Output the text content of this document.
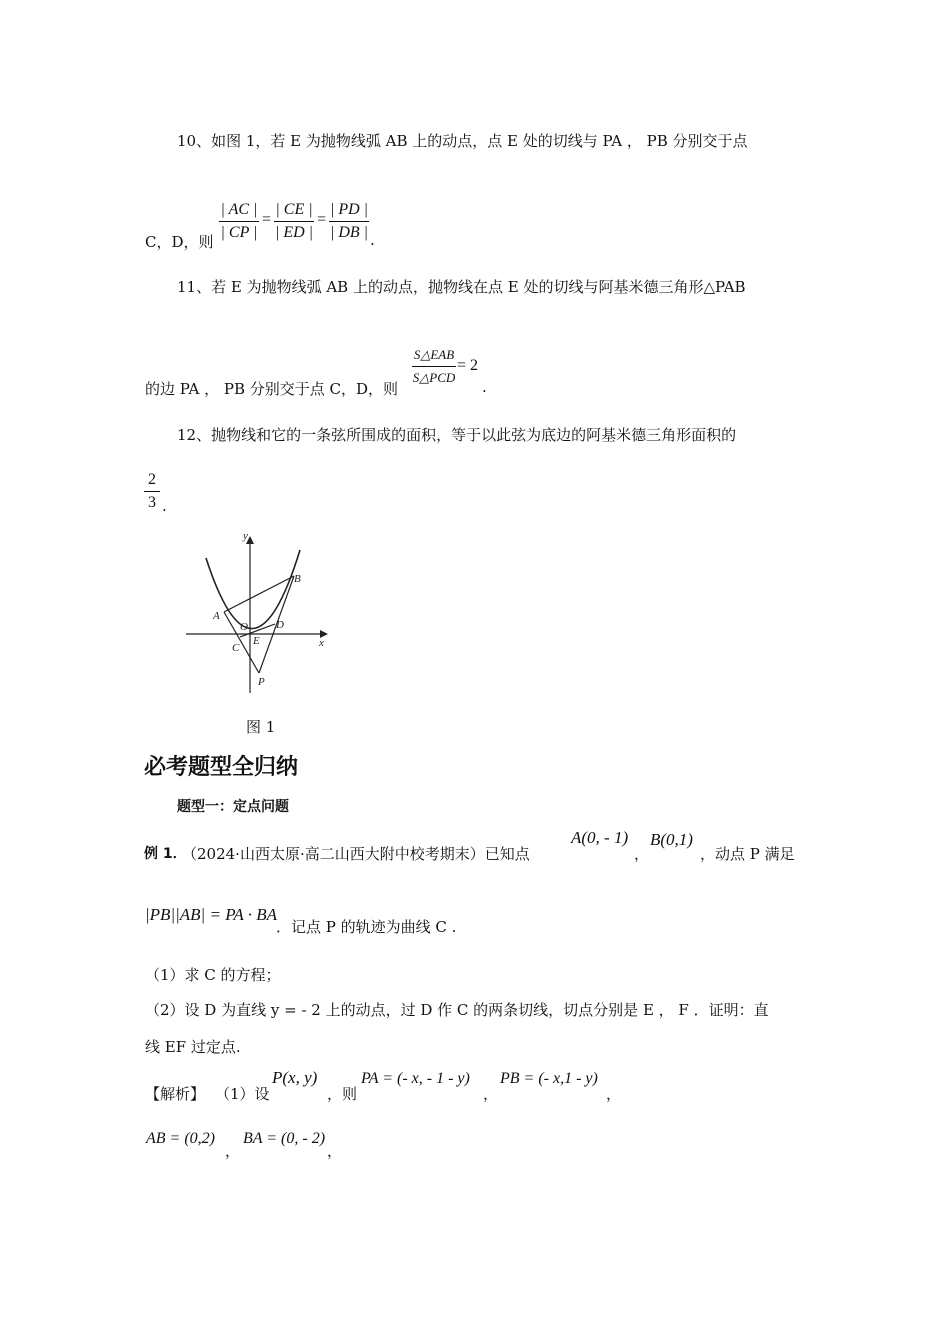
10、如图 1，若 E 为抛物线弧 AB 上的动点，点 E 处的切线与 PA ， PB 分别交于点
C，D，则
| AC |
| CP |
=
| CE |
| ED |
=
| PD |
| DB | .
11、若 E 为抛物线弧 AB 上的动点，抛物线在点 E 处的切线与阿基米德三角形△PAB
的边 PA ， PB 分别交于点 C，D，则
S△EAB
S△PCD
= 2
.
12、抛物线和它的一条弦所围成的面积，等于以此弦为底边的阿基米德三角形面积的
2
3 .
y
x
A
B
O
E
D
C
P
图 1
必考题型全归纳
题型一：定点问题
例 1．
（2024·山西太原·高二山西大附中校考期末）已知点
A(0, - 1)
，
B(0,1)
，动点 P 满足
|PB||AB| = PA · BA
．记点 P 的轨迹为曲线 C .
（1）求 C 的方程；
（2）设 D 为直线 y = - 2 上的动点，过 D 作 C 的两条切线，切点分别是 E ， F ．证明：直
线 EF 过定点.
【解析】 （1）设
P(x, y)
，则
PA = (- x, - 1 - y)
，
PB = (- x,1 - y)
，
AB = (0,2)
，
BA = (0, - 2)
，
